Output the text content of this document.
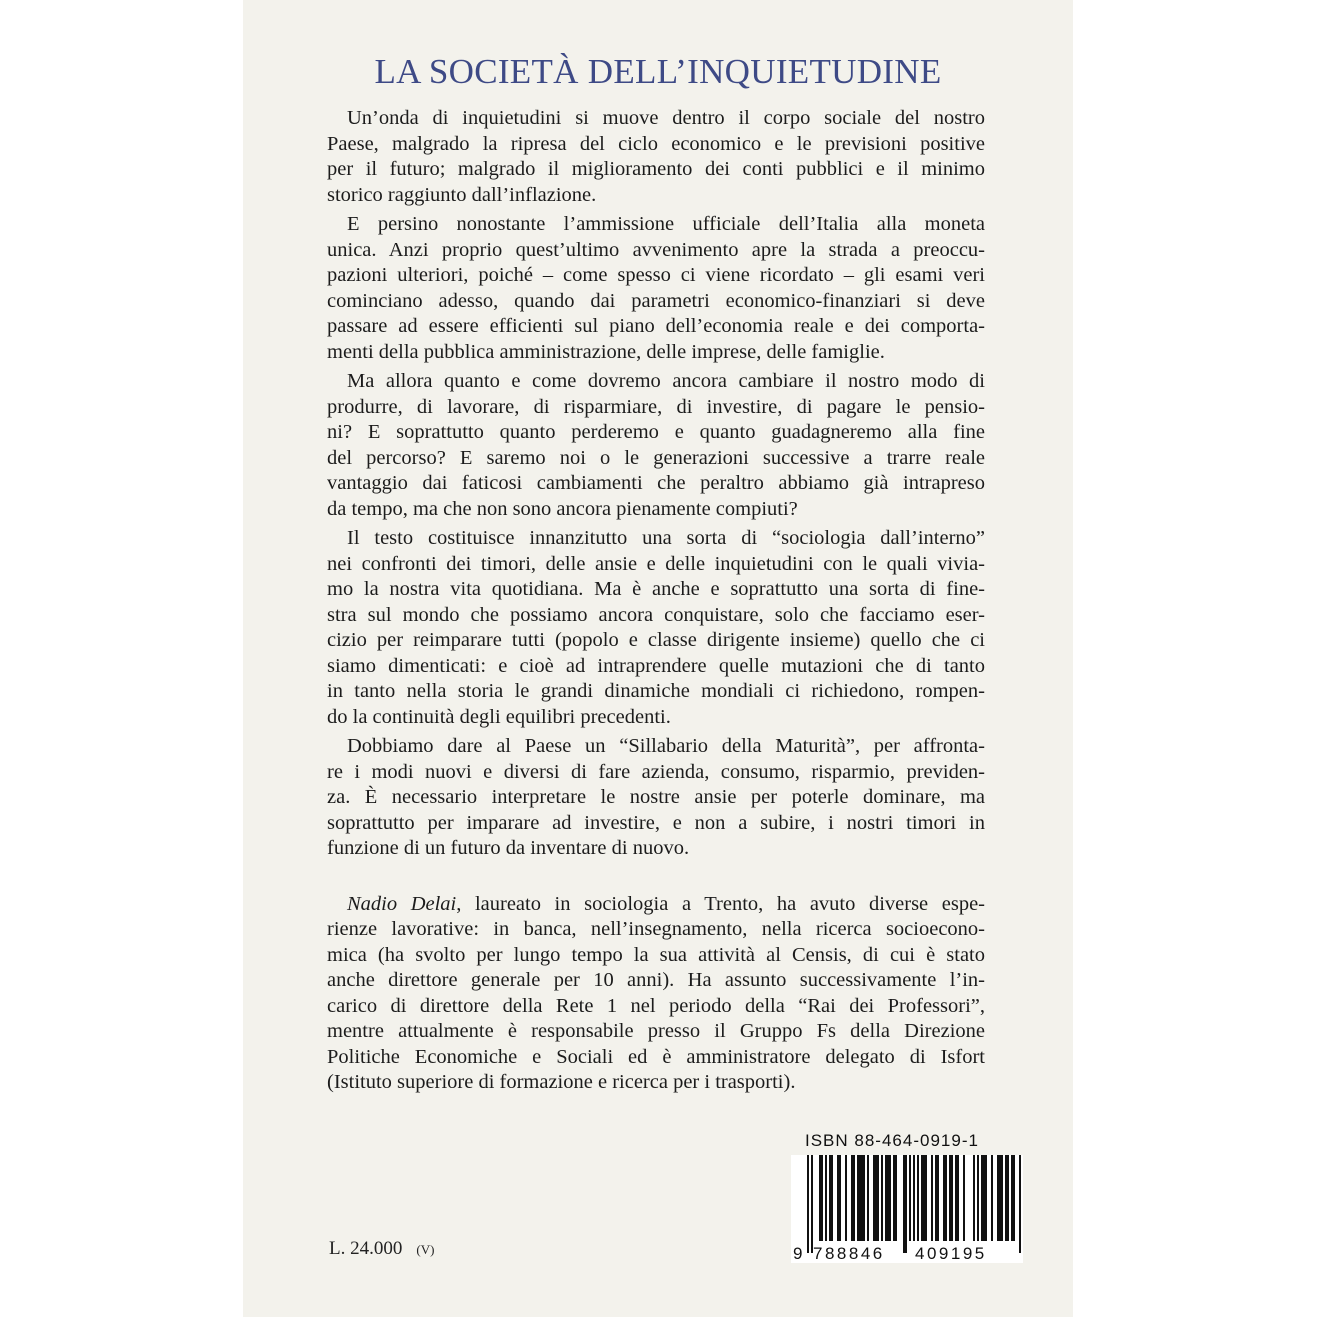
LA SOCIETÀ DELL’INQUIETUDINE
Un’onda di inquietudini si muove dentro il corpo sociale del nostro
Paese, malgrado la ripresa del ciclo economico e le previsioni positive
per il futuro; malgrado il miglioramento dei conti pubblici e il minimo
storico raggiunto dall’inflazione.
E persino nonostante l’ammissione ufficiale dell’Italia alla moneta
unica. Anzi proprio quest’ultimo avvenimento apre la strada a preoccu-
pazioni ulteriori, poiché – come spesso ci viene ricordato – gli esami veri
cominciano adesso, quando dai parametri economico-finanziari si deve
passare ad essere efficienti sul piano dell’economia reale e dei comporta-
menti della pubblica amministrazione, delle imprese, delle famiglie.
Ma allora quanto e come dovremo ancora cambiare il nostro modo di
produrre, di lavorare, di risparmiare, di investire, di pagare le pensio-
ni? E soprattutto quanto perderemo e quanto guadagneremo alla fine
del percorso? E saremo noi o le generazioni successive a trarre reale
vantaggio dai faticosi cambiamenti che peraltro abbiamo già intrapreso
da tempo, ma che non sono ancora pienamente compiuti?
Il testo costituisce innanzitutto una sorta di “sociologia dall’interno”
nei confronti dei timori, delle ansie e delle inquietudini con le quali vivia-
mo la nostra vita quotidiana. Ma è anche e soprattutto una sorta di fine-
stra sul mondo che possiamo ancora conquistare, solo che facciamo eser-
cizio per reimparare tutti (popolo e classe dirigente insieme) quello che ci
siamo dimenticati: e cioè ad intraprendere quelle mutazioni che di tanto
in tanto nella storia le grandi dinamiche mondiali ci richiedono, rompen-
do la continuità degli equilibri precedenti.
Dobbiamo dare al Paese un “Sillabario della Maturità”, per affronta-
re i modi nuovi e diversi di fare azienda, consumo, risparmio, previden-
za. È necessario interpretare le nostre ansie per poterle dominare, ma
soprattutto per imparare ad investire, e non a subire, i nostri timori in
funzione di un futuro da inventare di nuovo.
Nadio Delai, laureato in sociologia a Trento, ha avuto diverse espe-
rienze lavorative: in banca, nell’insegnamento, nella ricerca socioecono-
mica (ha svolto per lungo tempo la sua attività al Censis, di cui è stato
anche direttore generale per 10 anni). Ha assunto successivamente l’in-
carico di direttore della Rete 1 nel periodo della “Rai dei Professori”,
mentre attualmente è responsabile presso il Gruppo Fs della Direzione
Politiche Economiche e Sociali ed è amministratore delegato di Isfort
(Istituto superiore di formazione e ricerca per i trasporti).
ISBN 88-464-0919-1
9 788846 409195
L. 24.000 (V)
